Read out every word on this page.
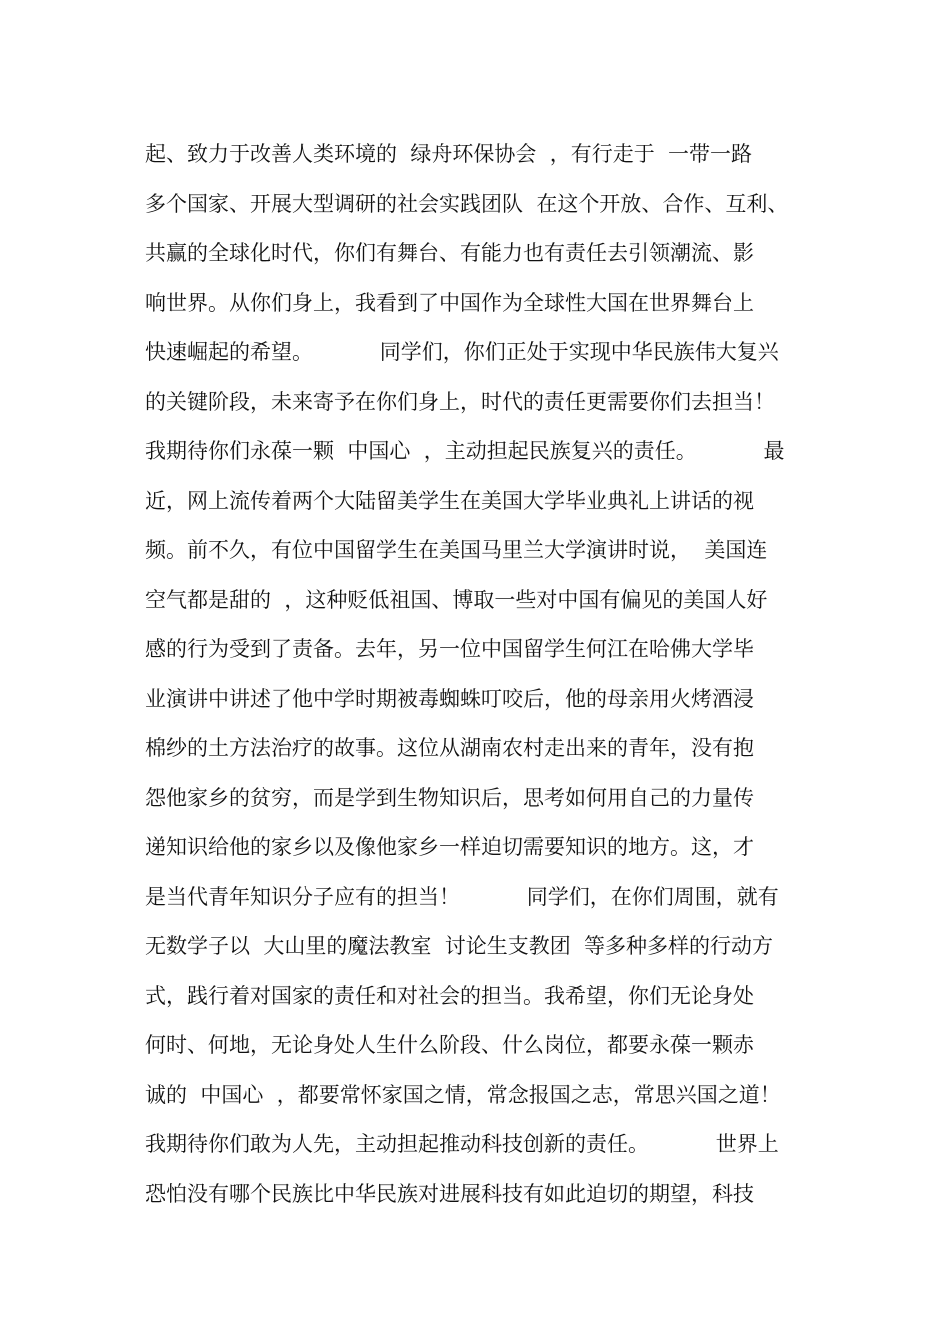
起、致力于改善人类环境的  绿舟环保协会  ，有行走于  一带一路
多个国家、开展大型调研的社会实践团队  在这个开放、合作、互利、
共赢的全球化时代，你们有舞台、有能力也有责任去引领潮流、影
响世界。从你们身上，我看到了中国作为全球性大国在世界舞台上
快速崛起的希望。          同学们，你们正处于实现中华民族伟大复兴
的关键阶段，未来寄予在你们身上，时代的责任更需要你们去担当！
我期待你们永葆一颗  中国心  ，主动担起民族复兴的责任。          最
近，网上流传着两个大陆留美学生在美国大学毕业典礼上讲话的视
频。前不久，有位中国留学生在美国马里兰大学演讲时说，  美国连
空气都是甜的  ，这种贬低祖国、博取一些对中国有偏见的美国人好
感的行为受到了责备。去年，另一位中国留学生何江在哈佛大学毕
业演讲中讲述了他中学时期被毒蜘蛛叮咬后，他的母亲用火烤酒浸
棉纱的土方法治疗的故事。这位从湖南农村走出来的青年，没有抱
怨他家乡的贫穷，而是学到生物知识后，思考如何用自己的力量传
递知识给他的家乡以及像他家乡一样迫切需要知识的地方。这，才
是当代青年知识分子应有的担当！          同学们，在你们周围，就有
无数学子以  大山里的魔法教室  讨论生支教团  等多种多样的行动方
式，践行着对国家的责任和对社会的担当。我希望，你们无论身处
何时、何地，无论身处人生什么阶段、什么岗位，都要永葆一颗赤
诚的  中国心  ，都要常怀家国之情，常念报国之志，常思兴国之道！
我期待你们敢为人先，主动担起推动科技创新的责任。          世界上
恐怕没有哪个民族比中华民族对进展科技有如此迫切的期望，科技
